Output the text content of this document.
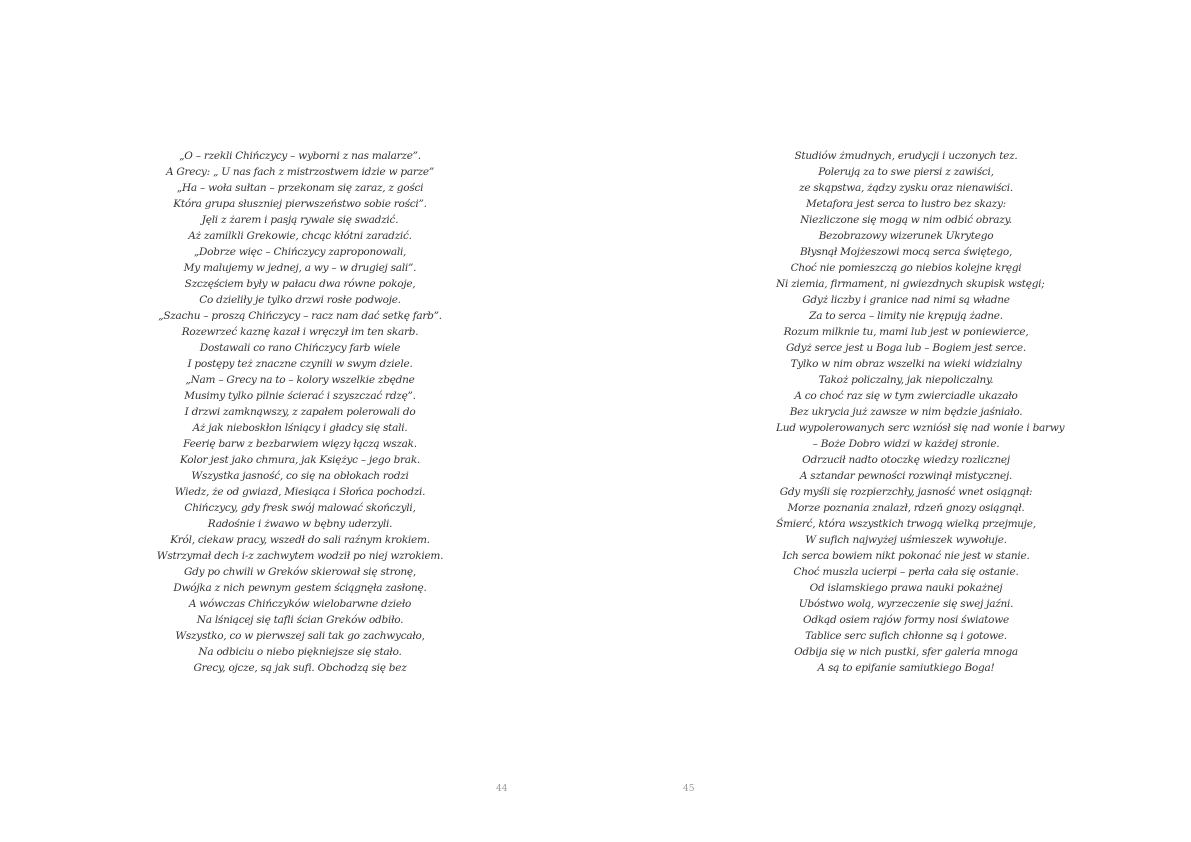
„O – rzekli Chińczycy – wyborni z nas malarze”.
A Grecy: „ U nas fach z mistrzostwem idzie w parze”
„Ha – woła sułtan – przekonam się zaraz, z gości
Która grupa słuszniej pierwszeństwo sobie rości”.
Jęli z żarem i pasją rywale się swadzić.
Aż zamilkli Grekowie, chcąc kłótni zaradzić.
„Dobrze więc – Chińczycy zaproponowali,
My malujemy w jednej, a wy – w drugiej sali”.
Szczęściem były w pałacu dwa równe pokoje,
Co dzieliły je tylko drzwi rosłe podwoje.
„Szachu – proszą Chińczycy – racz nam dać setkę farb”.
Rozewrzeć kaznę kazał i wręczył im ten skarb.
Dostawali co rano Chińczycy farb wiele
I postępy też znaczne czynili w swym dziele.
„Nam – Grecy na to – kolory wszelkie zbędne
Musimy tylko pilnie ścierać i szyszczać rdzę”.
I drzwi zamknąwszy, z zapałem polerowali do
Aż jak nieboskłon lśniący i gładcy się stali.
Feerię barw z bezbarwiem więzy łączą wszak.
Kolor jest jako chmura, jak Księżyc – jego brak.
Wszystka jasność, co się na obłokach rodzi
Wiedz, że od gwiazd, Miesiąca i Słońca pochodzi.
Chińczycy, gdy fresk swój malować skończyli,
Radośnie i żwawo w bębny uderzyli.
Król, ciekaw pracy, wszedł do sali raźnym krokiem.
Wstrzymał dech i-z zachwytem wodził po niej wzrokiem.
Gdy po chwili w Greków skierował się stronę,
Dwójka z nich pewnym gestem ściągnęła zasłonę.
A wówczas Chińczyków wielobarwne dzieło
Na lśniącej się tafli ścian Greków odbiło.
Wszystko, co w pierwszej sali tak go zachwycało,
Na odbiciu o niebo piękniejsze się stało.
Grecy, ojcze, są jak sufi. Obchodzą się bez
44
Studiów żmudnych, erudycji i uczonych tez.
Polerują za to swe piersi z zawiści,
ze skąpstwa, żądzy zysku oraz nienawiści.
Metafora jest serca to lustro bez skazy:
Niezliczone się mogą w nim odbić obrazy.
Bezobrazowy wizerunek Ukrytego
Błysnął Mojżeszowi mocą serca świętego,
Choć nie pomieszczą go niebios kolejne kręgi
Ni ziemia, firmament, ni gwiezdnych skupisk wstęgi;
Gdyż liczby i granice nad nimi są władne
Za to serca – limity nie krępują żadne.
Rozum milknie tu, mami lub jest w poniewierce,
Gdyż serce jest u Boga lub – Bogiem jest serce.
Tylko w nim obraz wszelki na wieki widzialny
Takoż policzalny, jak niepoliczalny.
A co choć raz się w tym zwierciadle ukazało
Bez ukrycia już zawsze w nim będzie jaśniało.
Lud wypolerowanych serc wzniósł się nad wonie i barwy
– Boże Dobro widzi w każdej stronie.
Odrzucił nadto otoczkę wiedzy rozlicznej
A sztandar pewności rozwinął mistycznej.
Gdy myśli się rozpierzchły, jasność wnet osiągnął:
Morze poznania znalazł, rdzeń gnozy osiągnął.
Śmierć, która wszystkich trwogą wielką przejmuje,
W sufich najwyżej uśmieszek wywołuje.
Ich serca bowiem nikt pokonać nie jest w stanie.
Choć muszla ucierpi – perła cała się ostanie.
Od islamskiego prawa nauki pokażnej
Ubóstwo wolą, wyrzeczenie się swej jaźni.
Odkąd osiem rajów formy nosi światowe
Tablice serc sufich chłonne są i gotowe.
Odbija się w nich pustki, sfer galeria mnoga
A są to epifanie samiutkiego Boga!
45
